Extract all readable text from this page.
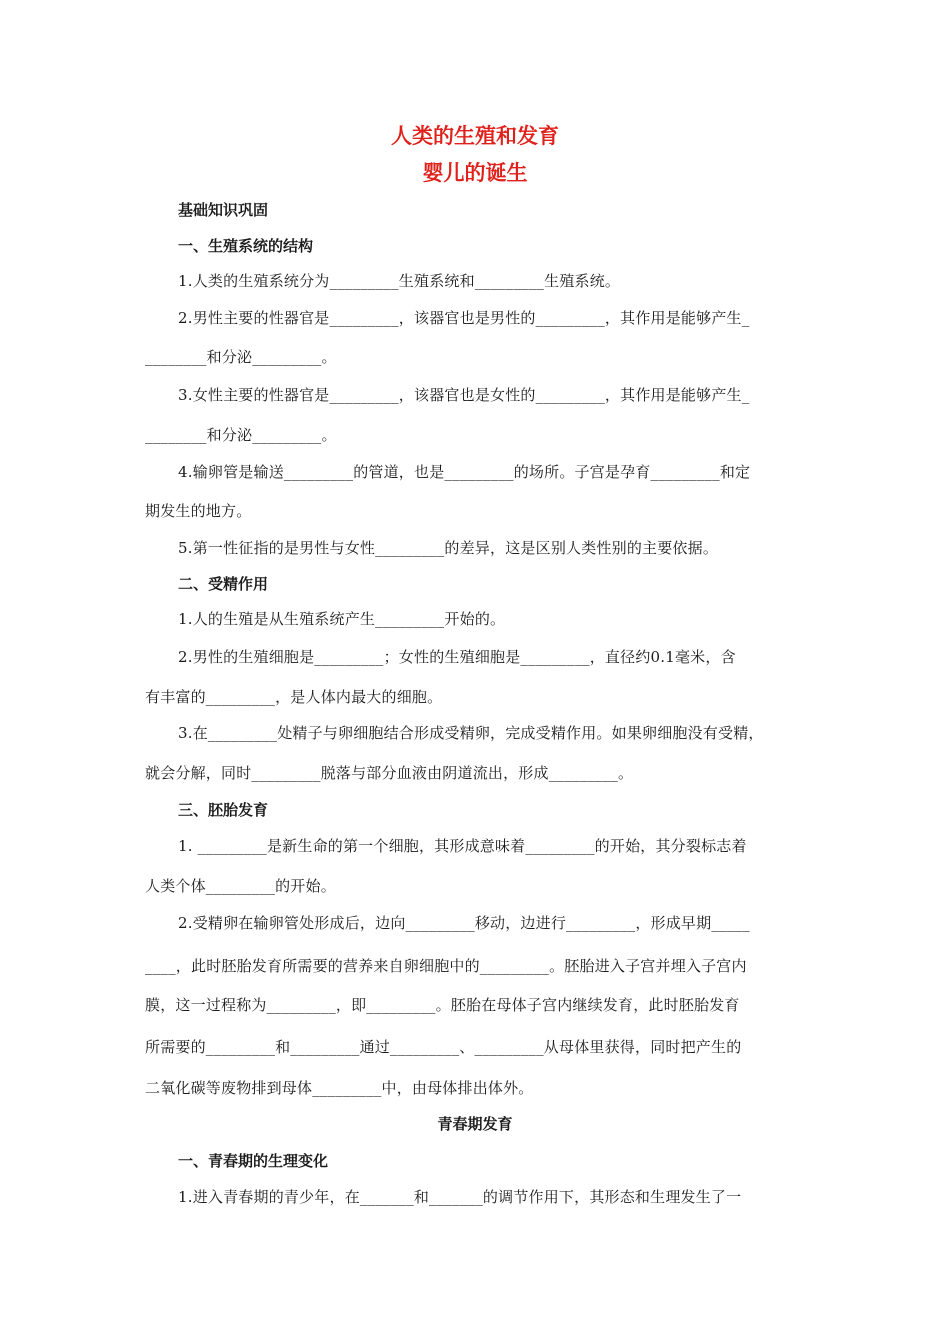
人类的生殖和发育
婴儿的诞生
基础知识巩固
一、生殖系统的结构
1.人类的生殖系统分为_________生殖系统和_________生殖系统。
2.男性主要的性器官是_________，该器官也是男性的_________，其作用是能够产生_
________和分泌_________。
3.女性主要的性器官是_________，该器官也是女性的_________，其作用是能够产生_
________和分泌_________。
4.输卵管是输送_________的管道，也是_________的场所。子宫是孕育_________和定
期发生的地方。
5.第一性征指的是男性与女性_________的差异，这是区别人类性别的主要依据。
二、受精作用
1.人的生殖是从生殖系统产生_________开始的。
2.男性的生殖细胞是_________；女性的生殖细胞是_________，直径约0.1毫米，含
有丰富的_________，是人体内最大的细胞。
3.在_________处精子与卵细胞结合形成受精卵，完成受精作用。如果卵细胞没有受精，
就会分解，同时_________脱落与部分血液由阴道流出，形成_________。
三、胚胎发育
1. _________是新生命的第一个细胞，其形成意味着_________的开始，其分裂标志着
人类个体_________的开始。
2.受精卵在输卵管处形成后，边向_________移动，边进行_________，形成早期_____
____，此时胚胎发育所需要的营养来自卵细胞中的_________。胚胎进入子宫并埋入子宫内
膜，这一过程称为_________，即_________。胚胎在母体子宫内继续发育，此时胚胎发育
所需要的_________和_________通过_________、_________从母体里获得，同时把产生的
二氧化碳等废物排到母体_________中，由母体排出体外。
青春期发育
一、青春期的生理变化
1.进入青春期的青少年，在_______和_______的调节作用下，其形态和生理发生了一
